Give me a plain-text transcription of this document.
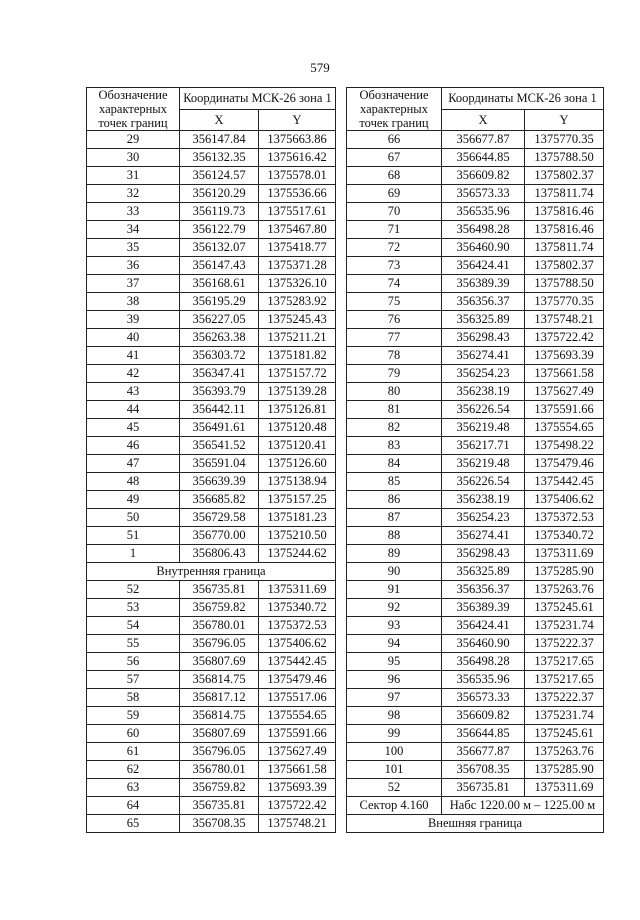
579
Обозначение характерных точек границ	Координаты МСК-26 зона 1	
	X	Y
29	356147.84	1375663.86
30	356132.35	1375616.42
31	356124.57	1375578.01
32	356120.29	1375536.66
33	356119.73	1375517.61
34	356122.79	1375467.80
35	356132.07	1375418.77
36	356147.43	1375371.28
37	356168.61	1375326.10
38	356195.29	1375283.92
39	356227.05	1375245.43
40	356263.38	1375211.21
41	356303.72	1375181.82
42	356347.41	1375157.72
43	356393.79	1375139.28
44	356442.11	1375126.81
45	356491.61	1375120.48
46	356541.52	1375120.41
47	356591.04	1375126.60
48	356639.39	1375138.94
49	356685.82	1375157.25
50	356729.58	1375181.23
51	356770.00	1375210.50
1	356806.43	1375244.62
Внутренняя граница		
52	356735.81	1375311.69
53	356759.82	1375340.72
54	356780.01	1375372.53
55	356796.05	1375406.62
56	356807.69	1375442.45
57	356814.75	1375479.46
58	356817.12	1375517.06
59	356814.75	1375554.65
60	356807.69	1375591.66
61	356796.05	1375627.49
62	356780.01	1375661.58
63	356759.82	1375693.39
64	356735.81	1375722.42
65	356708.35	1375748.21
Обозначение характерных точек границ	Координаты МСК-26 зона 1	
	X	Y
66	356677.87	1375770.35
67	356644.85	1375788.50
68	356609.82	1375802.37
69	356573.33	1375811.74
70	356535.96	1375816.46
71	356498.28	1375816.46
72	356460.90	1375811.74
73	356424.41	1375802.37
74	356389.39	1375788.50
75	356356.37	1375770.35
76	356325.89	1375748.21
77	356298.43	1375722.42
78	356274.41	1375693.39
79	356254.23	1375661.58
80	356238.19	1375627.49
81	356226.54	1375591.66
82	356219.48	1375554.65
83	356217.71	1375498.22
84	356219.48	1375479.46
85	356226.54	1375442.45
86	356238.19	1375406.62
87	356254.23	1375372.53
88	356274.41	1375340.72
89	356298.43	1375311.69
90	356325.89	1375285.90
91	356356.37	1375263.76
92	356389.39	1375245.61
93	356424.41	1375231.74
94	356460.90	1375222.37
95	356498.28	1375217.65
96	356535.96	1375217.65
97	356573.33	1375222.37
98	356609.82	1375231.74
99	356644.85	1375245.61
100	356677.87	1375263.76
101	356708.35	1375285.90
52	356735.81	1375311.69
Сектор 4.160	Набс 1220.00 м – 1225.00 м	
Внешняя граница		
